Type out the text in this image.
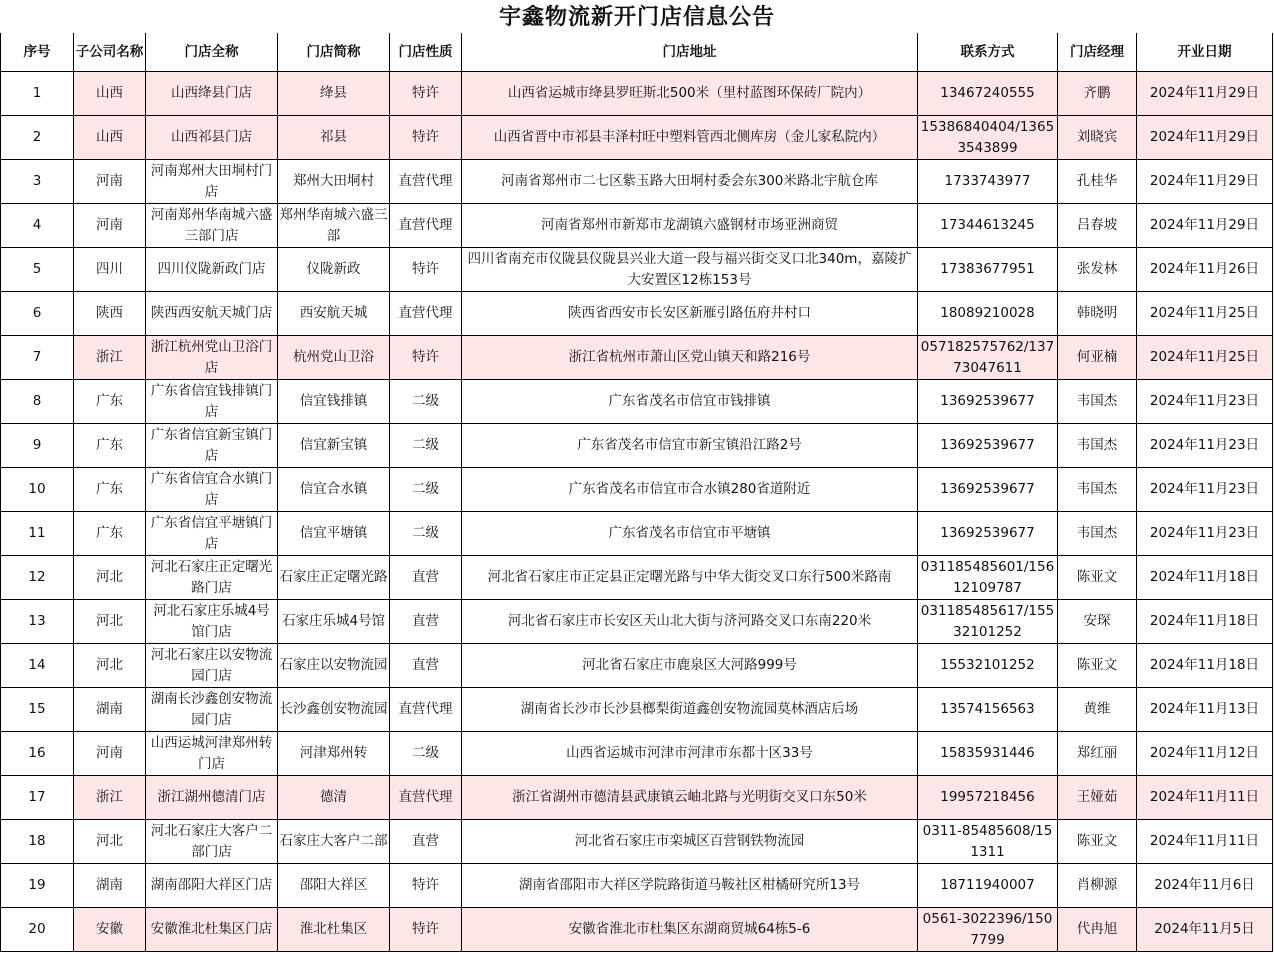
宇鑫物流新开门店信息公告
序号	子公司名称	门店全称	门店简称	门店性质	门店地址	联系方式	门店经理	开业日期
1	山西	山西绛县门店	绛县	特许	山西省运城市绛县罗旺斯北500米（里村蓝图环保砖厂院内）	13467240555	齐鹏	2024年11月29日
2	山西	山西祁县门店	祁县	特许	山西省晋中市祁县丰泽村旺中塑料管西北侧库房（金儿家私院内）	15386840404/13653543899	刘晓宾	2024年11月29日
3	河南	河南郑州大田垌村门店	郑州大田垌村	直营代理	河南省郑州市二七区紫玉路大田垌村委会东300米路北宇航仓库	1733743977	孔桂华	2024年11月29日
4	河南	河南郑州华南城六盛三部门店	郑州华南城六盛三部	直营代理	河南省郑州市新郑市龙湖镇六盛钢材市场亚洲商贸	17344613245	吕春坡	2024年11月29日
5	四川	四川仪陇新政门店	仪陇新政	特许	四川省南充市仪陇县仪陇县兴业大道一段与福兴街交叉口北340m，嘉陵扩大安置区12栋153号	17383677951	张发林	2024年11月26日
6	陕西	陕西西安航天城门店	西安航天城	直营代理	陕西省西安市长安区新雁引路伍府井村口	18089210028	韩晓明	2024年11月25日
7	浙江	浙江杭州党山卫浴门店	杭州党山卫浴	特许	浙江省杭州市萧山区党山镇天和路216号	057182575762/13773047611	何亚楠	2024年11月25日
8	广东	广东省信宜钱排镇门店	信宜钱排镇	二级	广东省茂名市信宜市钱排镇	13692539677	韦国杰	2024年11月23日
9	广东	广东省信宜新宝镇门店	信宜新宝镇	二级	广东省茂名市信宜市新宝镇沿江路2号	13692539677	韦国杰	2024年11月23日
10	广东	广东省信宜合水镇门店	信宜合水镇	二级	广东省茂名市信宜市合水镇280省道附近	13692539677	韦国杰	2024年11月23日
11	广东	广东省信宜平塘镇门店	信宜平塘镇	二级	广东省茂名市信宜市平塘镇	13692539677	韦国杰	2024年11月23日
12	河北	河北石家庄正定曙光路门店	石家庄正定曙光路	直营	河北省石家庄市正定县正定曙光路与中华大街交叉口东行500米路南	031185485601/15612109787	陈亚文	2024年11月18日
13	河北	河北石家庄乐城4号馆门店	石家庄乐城4号馆	直营	河北省石家庄市长安区天山北大街与济河路交叉口东南220米	031185485617/15532101252	安琛	2024年11月18日
14	河北	河北石家庄以安物流园门店	石家庄以安物流园	直营	河北省石家庄市鹿泉区大河路999号	15532101252	陈亚文	2024年11月18日
15	湖南	湖南长沙鑫创安物流园门店	长沙鑫创安物流园	直营代理	湖南省长沙市长沙县榔梨街道鑫创安物流园莫林酒店后场	13574156563	黄维	2024年11月13日
16	河南	山西运城河津郑州转门店	河津郑州转	二级	山西省运城市河津市河津市东都十区33号	15835931446	郑红丽	2024年11月12日
17	浙江	浙江湖州德清门店	德清	直营代理	浙江省湖州市德清县武康镇云岫北路与光明街交叉口东50米	19957218456	王娅茹	2024年11月11日
18	河北	河北石家庄大客户二部门店	石家庄大客户二部	直营	河北省石家庄市栾城区百营钢铁物流园	0311-85485608/151311	陈亚文	2024年11月11日
19	湖南	湖南邵阳大祥区门店	邵阳大祥区	特许	湖南省邵阳市大祥区学院路街道马鞍社区柑橘研究所13号	18711940007	肖柳源	2024年11月6日
20	安徽	安徽淮北杜集区门店	淮北杜集区	特许	安徽省淮北市杜集区东湖商贸城64栋5-6	0561-3022396/1507799	代冉旭	2024年11月5日
